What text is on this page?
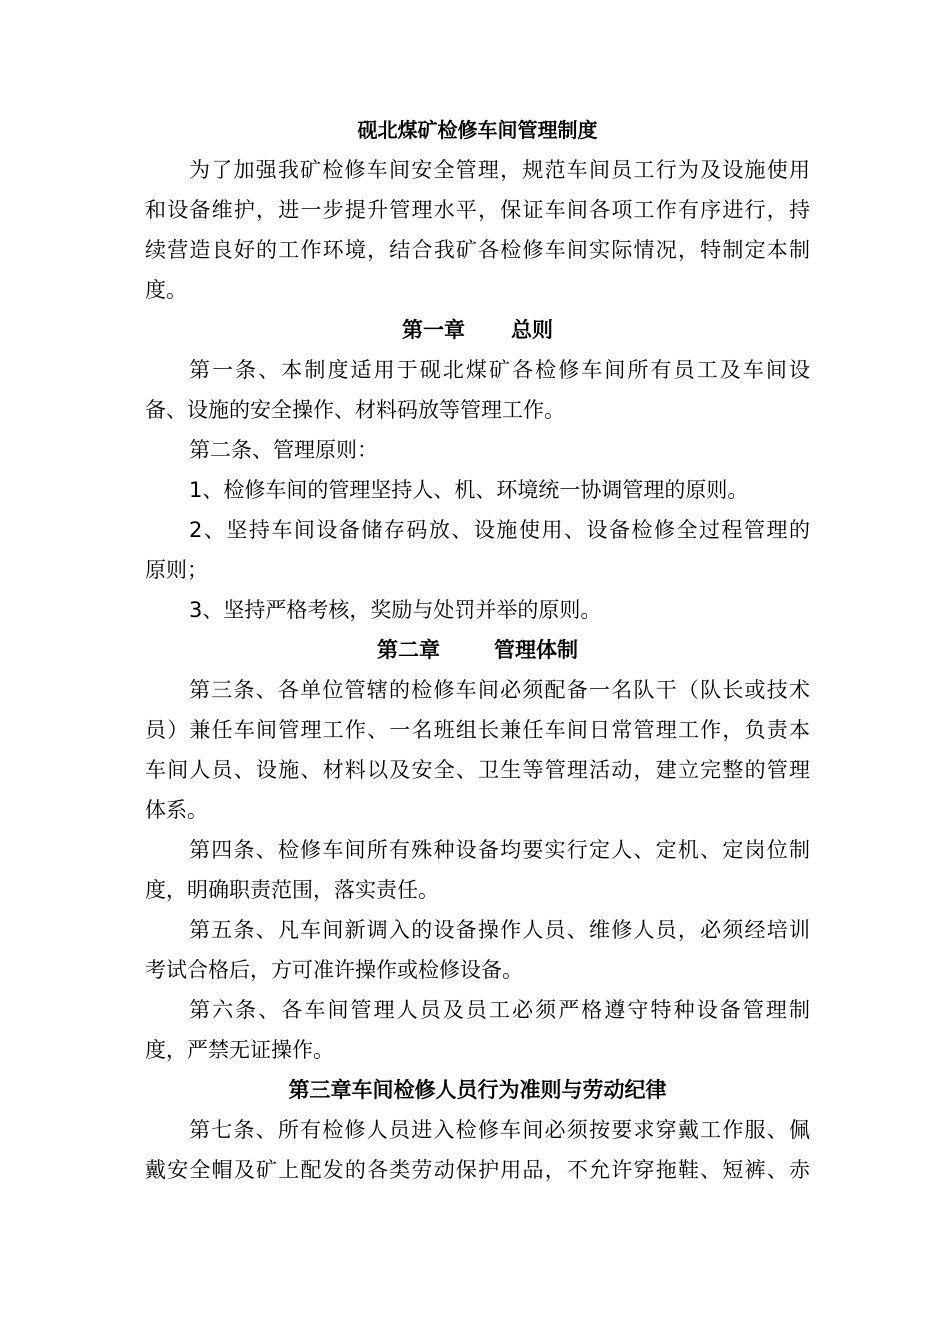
砚北煤矿检修车间管理制度
为了加强我矿检修车间安全管理，规范车间员工行为及设施使用
和设备维护，进一步提升管理水平，保证车间各项工作有序进行，持
续营造良好的工作环境，结合我矿各检修车间实际情况，特制定本制
度。
第一章 总则
第一条、本制度适用于砚北煤矿各检修车间所有员工及车间设
备、设施的安全操作、材料码放等管理工作。
第二条、管理原则：
1、检修车间的管理坚持人、机、环境统一协调管理的原则。
2、坚持车间设备储存码放、设施使用、设备检修全过程管理的
原则；
3、坚持严格考核，奖励与处罚并举的原则。
第二章	管理体制
第三条、各单位管辖的检修车间必须配备一名队干（队长或技术
员）兼任车间管理工作、一名班组长兼任车间日常管理工作，负责本
车间人员、设施、材料以及安全、卫生等管理活动，建立完整的管理
体系。
第四条、检修车间所有殊种设备均要实行定人、定机、定岗位制
度，明确职责范围，落实责任。
第五条、凡车间新调入的设备操作人员、维修人员，必须经培训
考试合格后，方可准许操作或检修设备。
第六条、各车间管理人员及员工必须严格遵守特种设备管理制
度，严禁无证操作。
第三章车间检修人员行为准则与劳动纪律
第七条、所有检修人员进入检修车间必须按要求穿戴工作服、佩
戴安全帽及矿上配发的各类劳动保护用品，不允许穿拖鞋、短裤、赤
